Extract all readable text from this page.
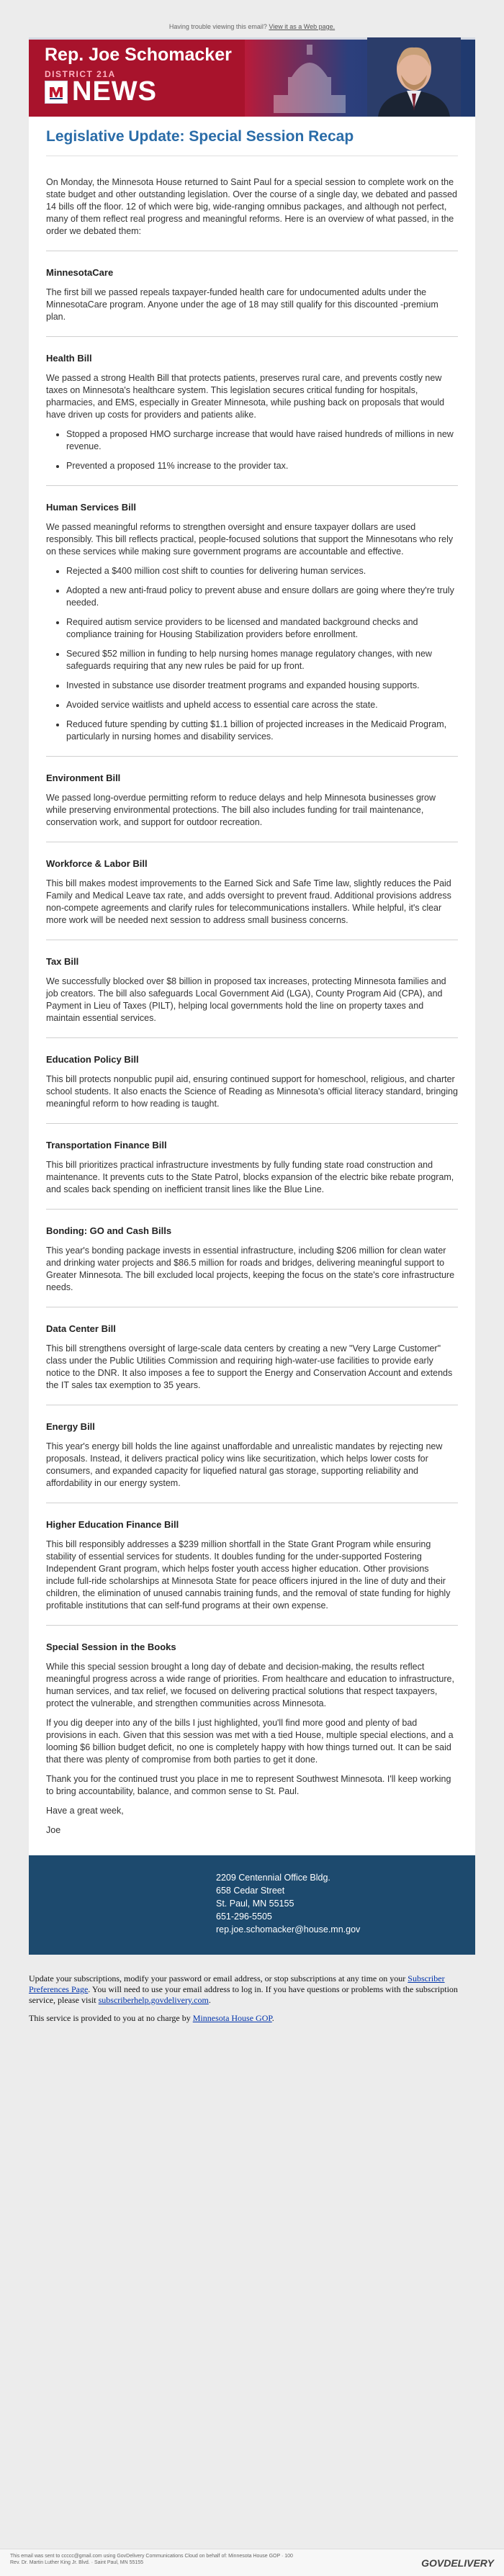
Having trouble viewing this email? View it as a Web page.
Rep. Joe Schomacker
DISTRICT 21A
NEWS
Legislative Update: Special Session Recap

On Monday, the Minnesota House returned to Saint Paul for a special session to complete work on the state budget and other outstanding legislation. Over the course of a single day, we debated and passed 14 bills off the floor. 12 of which were big, wide-ranging omnibus packages, and although not perfect, many of them reflect real progress and meaningful reforms. Here is an overview of what passed, in the order we debated them:

MinnesotaCare

The first bill we passed repeals taxpayer-funded health care for undocumented adults under the MinnesotaCare program. Anyone under the age of 18 may still qualify for this discounted -premium plan.

Health Bill

We passed a strong Health Bill that protects patients, preserves rural care, and prevents costly new taxes on Minnesota's healthcare system. This legislation secures critical funding for hospitals, pharmacies, and EMS, especially in Greater Minnesota, while pushing back on proposals that would have driven up costs for providers and patients alike.

• Stopped a proposed HMO surcharge increase that would have raised hundreds of millions in new revenue.
• Prevented a proposed 11% increase to the provider tax.
Human Services Bill

We passed meaningful reforms to strengthen oversight and ensure taxpayer dollars are used responsibly. This bill reflects practical, people-focused solutions that support the Minnesotans who rely on these services while making sure government programs are accountable and effective.

• Rejected a $400 million cost shift to counties for delivering human services.
• Adopted a new anti-fraud policy to prevent abuse and ensure dollars are going where they're truly needed.
• Required autism service providers to be licensed and mandated background checks and compliance training for Housing Stabilization providers before enrollment.
• Secured $52 million in funding to help nursing homes manage regulatory changes, with new safeguards requiring that any new rules be paid for up front.
• Invested in substance use disorder treatment programs and expanded housing supports.
• Avoided service waitlists and upheld access to essential care across the state.
• Reduced future spending by cutting $1.1 billion of projected increases in the Medicaid Program, particularly in nursing homes and disability services.
Environment Bill

We passed long-overdue permitting reform to reduce delays and help Minnesota businesses grow while preserving environmental protections. The bill also includes funding for trail maintenance, conservation work, and support for outdoor recreation.

Workforce & Labor Bill

This bill makes modest improvements to the Earned Sick and Safe Time law, slightly reduces the Paid Family and Medical Leave tax rate, and adds oversight to prevent fraud. Additional provisions address non-compete agreements and clarify rules for telecommunications installers. While helpful, it's clear more work will be needed next session to address small business concerns.

Tax Bill

We successfully blocked over $8 billion in proposed tax increases, protecting Minnesota families and job creators. The bill also safeguards Local Government Aid (LGA), County Program Aid (CPA), and Payment in Lieu of Taxes (PILT), helping local governments hold the line on property taxes and maintain essential services.

Education Policy Bill

This bill protects nonpublic pupil aid, ensuring continued support for homeschool, religious, and charter school students. It also enacts the Science of Reading as Minnesota's official literacy standard, bringing meaningful reform to how reading is taught.

Transportation Finance Bill

This bill prioritizes practical infrastructure investments by fully funding state road construction and maintenance. It prevents cuts to the State Patrol, blocks expansion of the electric bike rebate program, and scales back spending on inefficient transit lines like the Blue Line.

Bonding: GO and Cash Bills

This year's bonding package invests in essential infrastructure, including $206 million for clean water and drinking water projects and $86.5 million for roads and bridges, delivering meaningful support to Greater Minnesota. The bill excluded local projects, keeping the focus on the state's core infrastructure needs.

Data Center Bill

This bill strengthens oversight of large-scale data centers by creating a new "Very Large Customer" class under the Public Utilities Commission and requiring high-water-use facilities to provide early notice to the DNR. It also imposes a fee to support the Energy and Conservation Account and extends the IT sales tax exemption to 35 years.

Energy Bill

This year's energy bill holds the line against unaffordable and unrealistic mandates by rejecting new proposals. Instead, it delivers practical policy wins like securitization, which helps lower costs for consumers, and expanded capacity for liquefied natural gas storage, supporting reliability and affordability in our energy system.

Higher Education Finance Bill

This bill responsibly addresses a $239 million shortfall in the State Grant Program while ensuring stability of essential services for students. It doubles funding for the under-supported Fostering Independent Grant program, which helps foster youth access higher education. Other provisions include full-ride scholarships at Minnesota State for peace officers injured in the line of duty and their children, the elimination of unused cannabis training funds, and the removal of state funding for highly profitable institutions that can self-fund programs at their own expense.

Special Session in the Books

While this special session brought a long day of debate and decision-making, the results reflect meaningful progress across a wide range of priorities. From healthcare and education to infrastructure, human services, and tax relief, we focused on delivering practical solutions that respect taxpayers, protect the vulnerable, and strengthen communities across Minnesota.

If you dig deeper into any of the bills I just highlighted, you'll find more good and plenty of bad provisions in each. Given that this session was met with a tied House, multiple special elections, and a looming $6 billion budget deficit, no one is completely happy with how things turned out. It can be said that there was plenty of compromise from both parties to get it done.

Thank you for the continued trust you place in me to represent Southwest Minnesota. I'll keep working to bring accountability, balance, and common sense to St. Paul.

Have a great week,

Joe

2209 Centennial Office Bldg.
658 Cedar Street
St. Paul, MN 55155
651-296-5505
rep.joe.schomacker@house.mn.gov

Update your subscriptions, modify your password or email address, or stop subscriptions at any time on your Subscriber Preferences Page. You will need to use your email address to log in. If you have questions or problems with the subscription service, please visit subscriberhelp.govdelivery.com.

This service is provided to you at no charge by Minnesota House GOP.

This email was sent to ccccc@gmail.com using GovDelivery Communications Cloud on behalf of: Minnesota House GOP · 100
Rev. Dr. Martin Luther King Jr. Blvd. · Saint Paul, MN 55155	GOVDELIVERY
